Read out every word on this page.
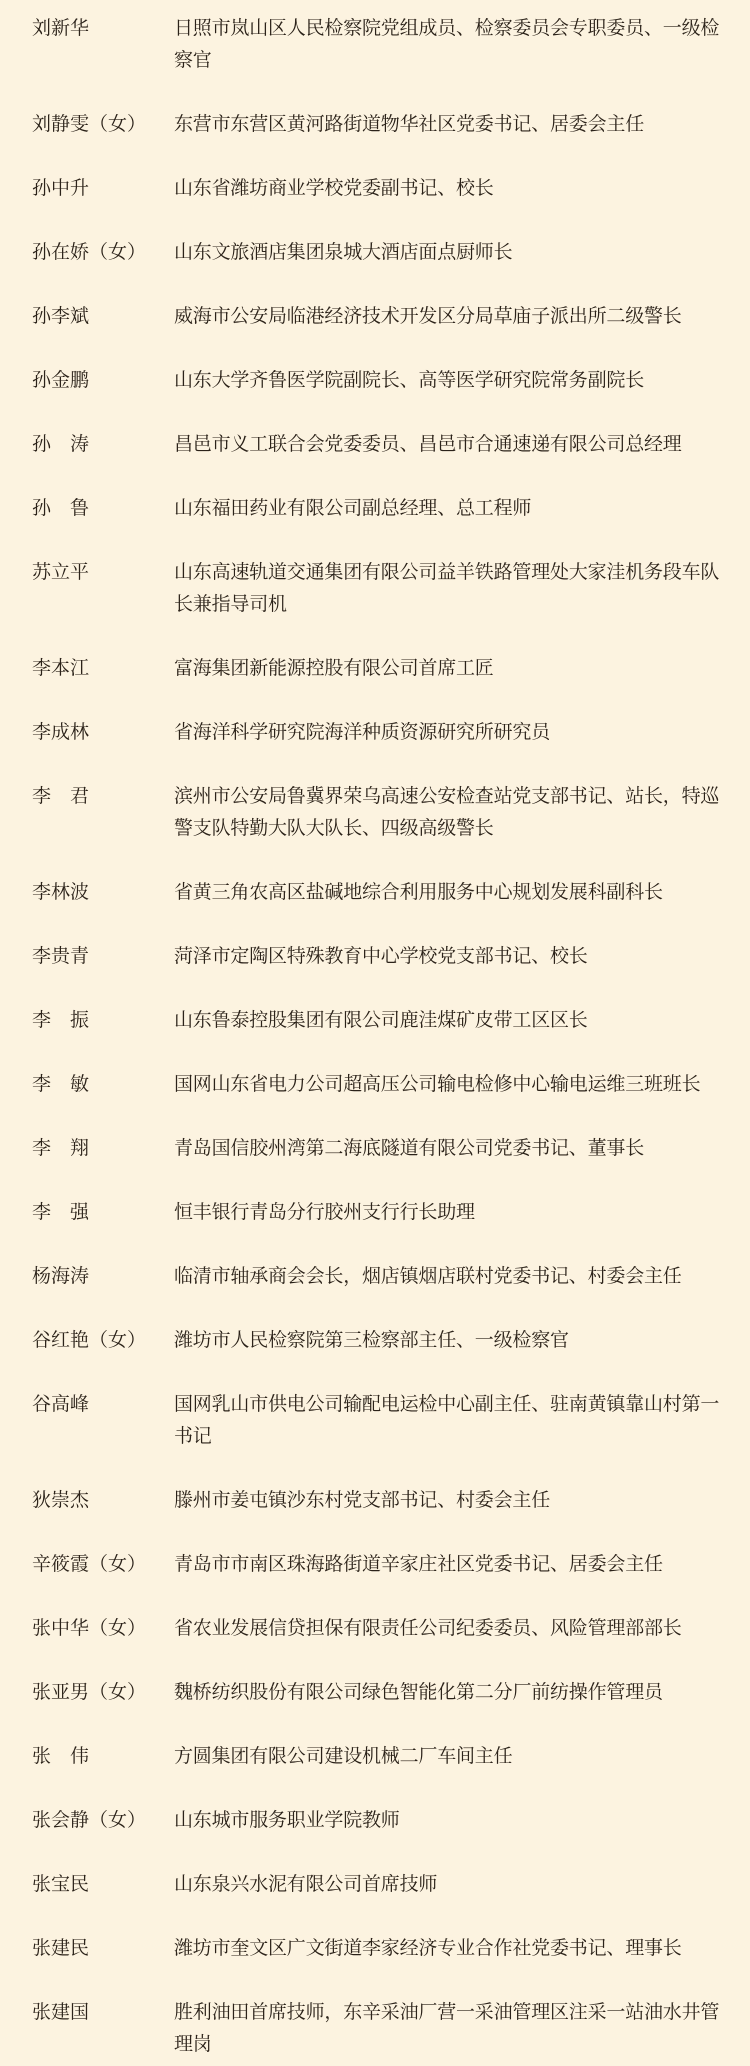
刘新华	日照市岚山区人民检察院党组成员、检察委员会专职委员、一级检察官
刘静雯（女）	东营市东营区黄河路街道物华社区党委书记、居委会主任
孙中升	山东省潍坊商业学校党委副书记、校长
孙在娇（女）	山东文旅酒店集团泉城大酒店面点厨师长
孙李斌	威海市公安局临港经济技术开发区分局草庙子派出所二级警长
孙金鹏	山东大学齐鲁医学院副院长、高等医学研究院常务副院长
孙　涛	昌邑市义工联合会党委委员、昌邑市合通速递有限公司总经理
孙　鲁	山东福田药业有限公司副总经理、总工程师
苏立平	山东高速轨道交通集团有限公司益羊铁路管理处大家洼机务段车队长兼指导司机
李本江	富海集团新能源控股有限公司首席工匠
李成林	省海洋科学研究院海洋种质资源研究所研究员
李　君	滨州市公安局鲁冀界荣乌高速公安检查站党支部书记、站长，特巡警支队特勤大队大队长、四级高级警长
李林波	省黄三角农高区盐碱地综合利用服务中心规划发展科副科长
李贵青	菏泽市定陶区特殊教育中心学校党支部书记、校长
李　振	山东鲁泰控股集团有限公司鹿洼煤矿皮带工区区长
李　敏	国网山东省电力公司超高压公司输电检修中心输电运维三班班长
李　翔	青岛国信胶州湾第二海底隧道有限公司党委书记、董事长
李　强	恒丰银行青岛分行胶州支行行长助理
杨海涛	临清市轴承商会会长，烟店镇烟店联村党委书记、村委会主任
谷红艳（女）	潍坊市人民检察院第三检察部主任、一级检察官
谷高峰	国网乳山市供电公司输配电运检中心副主任、驻南黄镇靠山村第一书记
狄崇杰	滕州市姜屯镇沙东村党支部书记、村委会主任
辛筱霞（女）	青岛市市南区珠海路街道辛家庄社区党委书记、居委会主任
张中华（女）	省农业发展信贷担保有限责任公司纪委委员、风险管理部部长
张亚男（女）	魏桥纺织股份有限公司绿色智能化第二分厂前纺操作管理员
张　伟	方圆集团有限公司建设机械二厂车间主任
张会静（女）	山东城市服务职业学院教师
张宝民	山东泉兴水泥有限公司首席技师
张建民	潍坊市奎文区广文街道李家经济专业合作社党委书记、理事长
张建国	胜利油田首席技师，东辛采油厂营一采油管理区注采一站油水井管理岗
